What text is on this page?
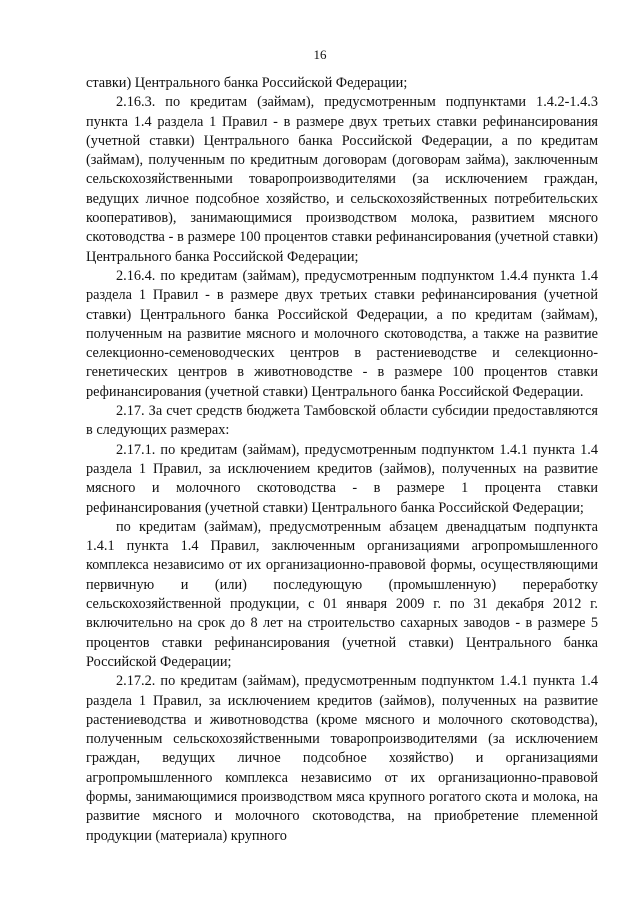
16

ставки) Центрального банка Российской Федерации;

2.16.3. по кредитам (займам), предусмотренным подпунктами 1.4.2-1.4.3 пункта 1.4 раздела 1 Правил - в размере двух третьих ставки рефинансирования (учетной ставки) Центрального банка Российской Федерации, а по кредитам (займам), полученным по кредитным договорам (договорам займа), заключенным сельскохозяйственными товаропроизводителями (за исключением граждан, ведущих личное подсобное хозяйство, и сельскохозяйственных потребительских кооперативов), занимающимися производством молока, развитием мясного скотоводства - в размере 100 процентов ставки рефинансирования (учетной ставки) Центрального банка Российской Федерации;

2.16.4. по кредитам (займам), предусмотренным подпунктом 1.4.4 пункта 1.4 раздела 1 Правил - в размере двух третьих ставки рефинансирования (учетной ставки) Центрального банка Российской Федерации, а по кредитам (займам), полученным на развитие мясного и молочного скотоводства, а также на развитие селекционно-семеноводческих центров в растениеводстве и селекционно-генетических центров в животноводстве - в размере 100 процентов ставки рефинансирования (учетной ставки) Центрального банка Российской Федерации.

2.17. За счет средств бюджета Тамбовской области субсидии предоставляются в следующих размерах:

2.17.1. по кредитам (займам), предусмотренным подпунктом 1.4.1 пункта 1.4 раздела 1 Правил, за исключением кредитов (займов), полученных на развитие мясного и молочного скотоводства - в размере 1 процента ставки рефинансирования (учетной ставки) Центрального банка Российской Федерации;

по кредитам (займам), предусмотренным абзацем двенадцатым подпункта 1.4.1 пункта 1.4 Правил, заключенным организациями агропромышленного комплекса независимо от их организационно-правовой формы, осуществляющими первичную и (или) последующую (промышленную) переработку сельскохозяйственной продукции, с 01 января 2009 г. по 31 декабря 2012 г. включительно на срок до 8 лет на строительство сахарных заводов - в размере 5 процентов ставки рефинансирования (учетной ставки) Центрального банка Российской Федерации;

2.17.2. по кредитам (займам), предусмотренным подпунктом 1.4.1 пункта 1.4 раздела 1 Правил, за исключением кредитов (займов), полученных на развитие растениеводства и животноводства (кроме мясного и молочного скотоводства), полученным сельскохозяйственными товаропроизводителями (за исключением граждан, ведущих личное подсобное хозяйство) и организациями агропромышленного комплекса независимо от их организационно-правовой формы, занимающимися производством мяса крупного рогатого скота и молока, на развитие мясного и молочного скотоводства, на приобретение племенной продукции (материала) крупного
